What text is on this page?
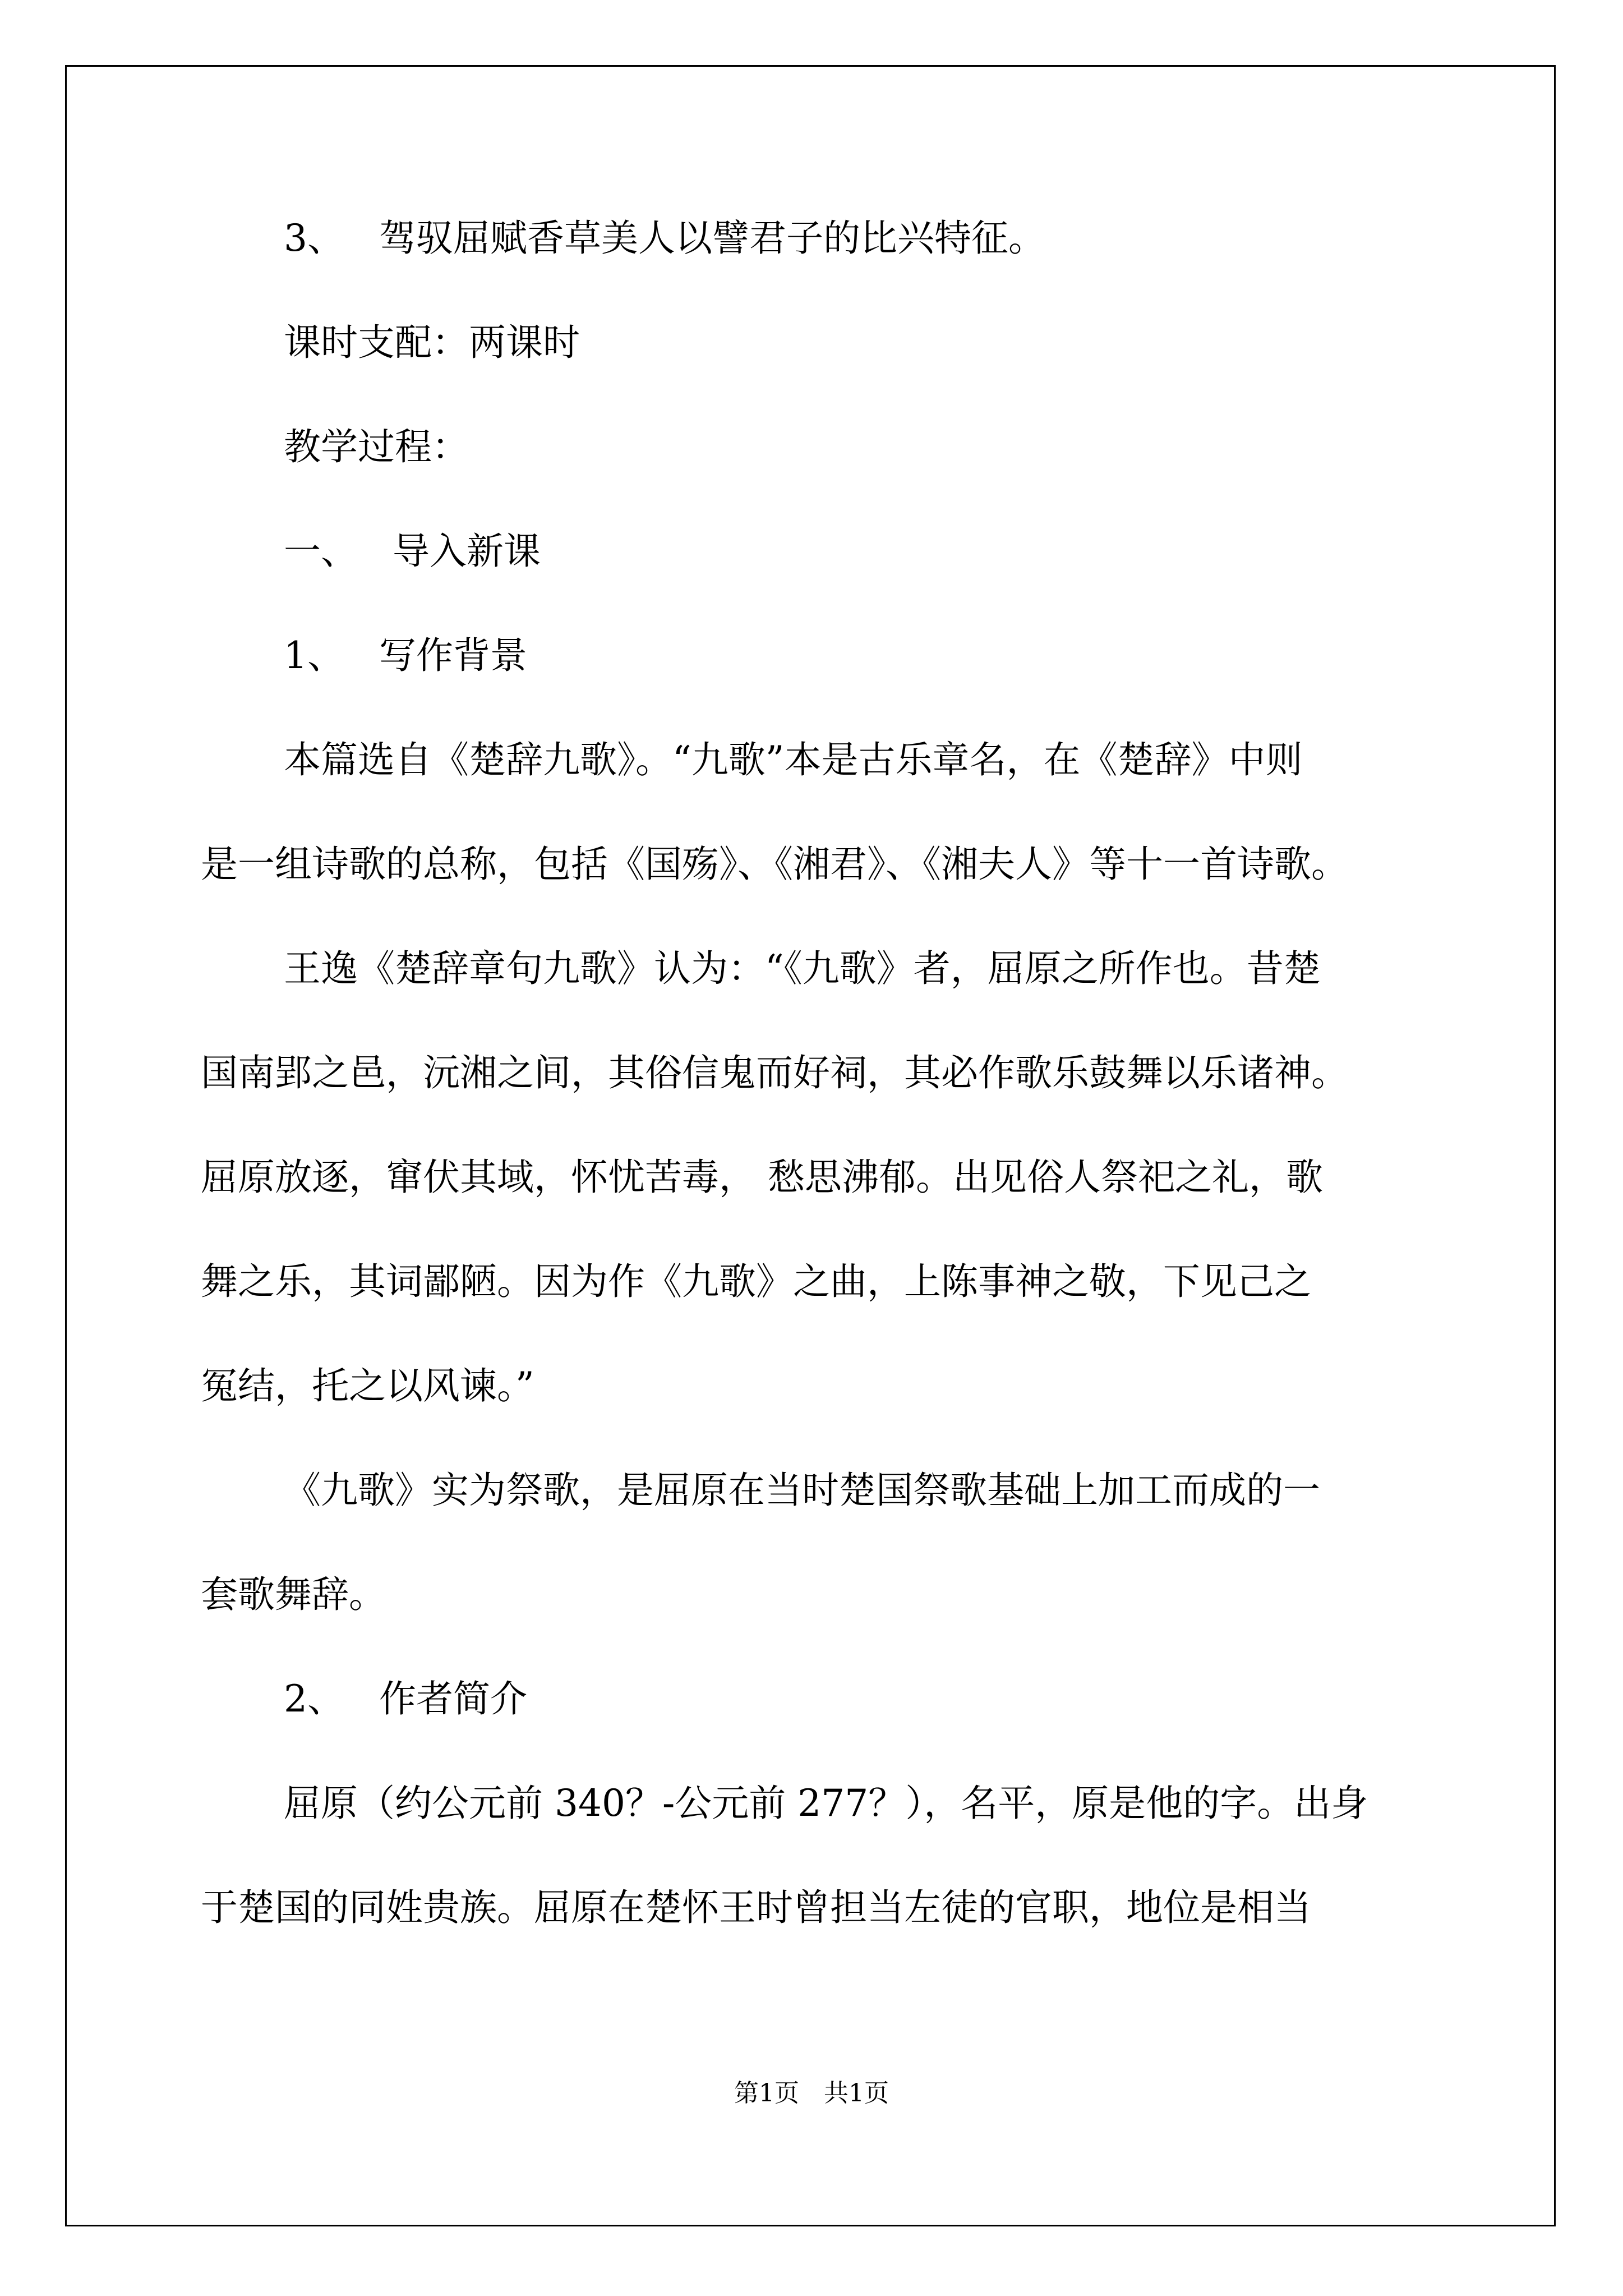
3、 驾驭屈赋香草美人以譬君子的比兴特征。
课时支配：两课时
教学过程：
一、 导入新课
1、 写作背景
本篇选自《楚辞九歌》。“九歌”本是古乐章名，在《楚辞》中则
是一组诗歌的总称，包括《国殇》、《湘君》、《湘夫人》等十一首诗歌。
王逸《楚辞章句九歌》认为：“《九歌》者，屈原之所作也。昔楚
国南郢之邑，沅湘之间，其俗信鬼而好祠，其必作歌乐鼓舞以乐诸神。
屈原放逐，窜伏其域，怀忧苦毒， 愁思沸郁。出见俗人祭祀之礼，歌
舞之乐，其词鄙陋。因为作《九歌》之曲，上陈事神之敬，下见己之
冤结，托之以风谏。”
《九歌》实为祭歌，是屈原在当时楚国祭歌基础上加工而成的一
套歌舞辞。
2、 作者简介
屈原（约公元前 340？-公元前 277？），名平，原是他的字。出身
于楚国的同姓贵族。屈原在楚怀王时曾担当左徒的官职，地位是相当
第1页　共1页
